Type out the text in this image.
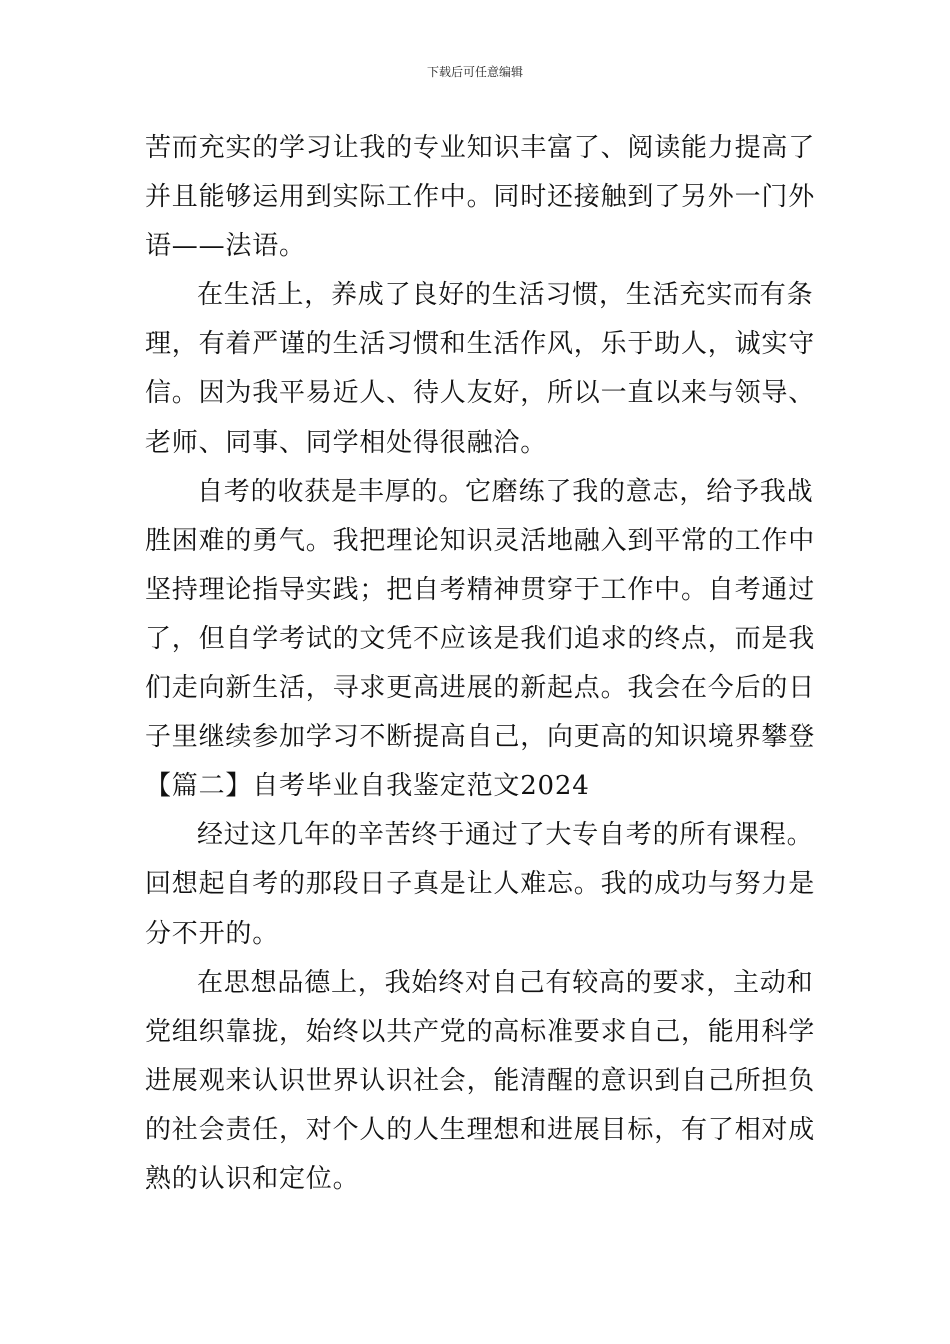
下载后可任意编辑
苦而充实的学习让我的专业知识丰富了、阅读能力提高了
并且能够运用到实际工作中。同时还接触到了另外一门外
语——法语。
在生活上，养成了良好的生活习惯，生活充实而有条
理，有着严谨的生活习惯和生活作风，乐于助人，诚实守
信。因为我平易近人、待人友好，所以一直以来与领导、
老师、同事、同学相处得很融洽。
自考的收获是丰厚的。它磨练了我的意志，给予我战
胜困难的勇气。我把理论知识灵活地融入到平常的工作中
坚持理论指导实践；把自考精神贯穿于工作中。自考通过
了，但自学考试的文凭不应该是我们追求的终点，而是我
们走向新生活，寻求更高进展的新起点。我会在今后的日
子里继续参加学习不断提高自己，向更高的知识境界攀登
【篇二】自考毕业自我鉴定范文2024
经过这几年的辛苦终于通过了大专自考的所有课程。
回想起自考的那段日子真是让人难忘。我的成功与努力是
分不开的。
在思想品德上，我始终对自己有较高的要求，主动和
党组织靠拢，始终以共产党的高标准要求自己，能用科学
进展观来认识世界认识社会，能清醒的意识到自己所担负
的社会责任，对个人的人生理想和进展目标，有了相对成
熟的认识和定位。
